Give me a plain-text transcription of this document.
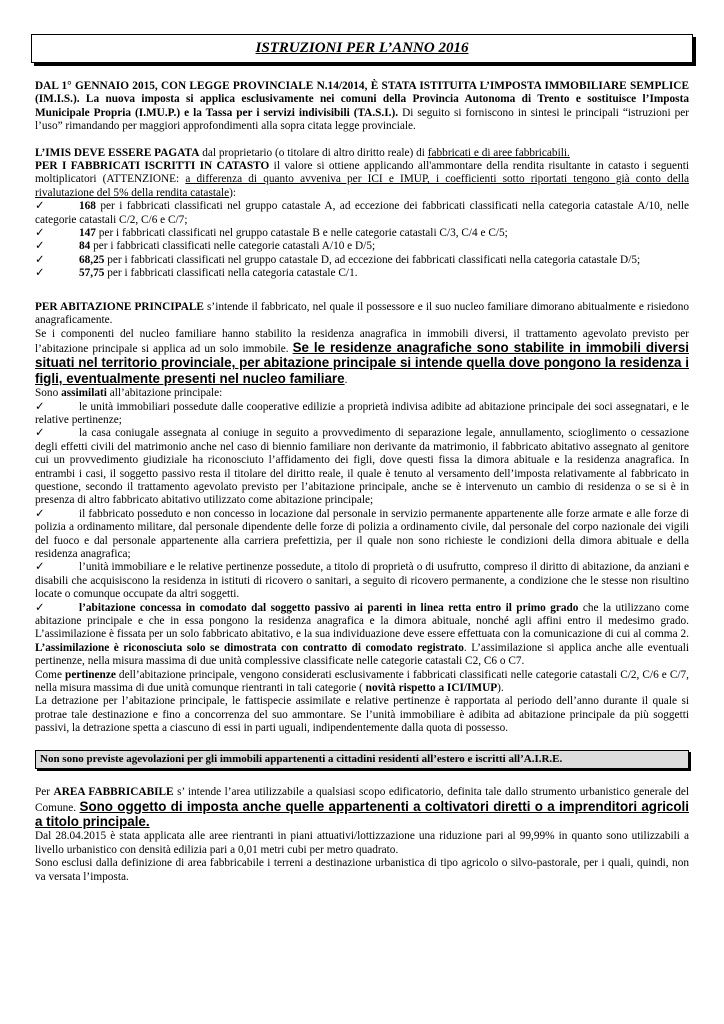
ISTRUZIONI PER L’ANNO 2016

DAL 1° GENNAIO 2015, CON LEGGE PROVINCIALE N.14/2014, È STATA ISTITUITA L’IMPOSTA IMMOBILIARE SEMPLICE (IM.I.S.). La nuova imposta si applica esclusivamente nei comuni della Provincia Autonoma di Trento e sostituisce l’Imposta Municipale Propria (I.MU.P.) e la Tassa per i servizi indivisibili (TA.S.I.). Di seguito si forniscono in sintesi le principali “istruzioni per l’uso” rimandando per maggiori approfondimenti alla sopra citata legge provinciale.

L’IMIS DEVE ESSERE PAGATA dal proprietario (o titolare di altro diritto reale) di fabbricati e di aree fabbricabili.

PER I FABBRICATI ISCRITTI IN CATASTO il valore si ottiene applicando all'ammontare della rendita risultante in catasto i seguenti moltiplicatori (ATTENZIONE: a differenza di quanto avveniva per ICI e IMUP, i coefficienti sotto riportati tengono già conto della rivalutazione del 5% della rendita catastale):

✓	168 per i fabbricati classificati nel gruppo catastale A, ad eccezione dei fabbricati classificati nella categoria catastale A/10, nelle categorie catastali C/2, C/6 e C/7;
✓	147 per i fabbricati classificati nel gruppo catastale B e nelle categorie catastali C/3, C/4 e C/5;
✓	84 per i fabbricati classificati nelle categorie catastali A/10 e D/5;
✓	68,25 per i fabbricati classificati nel gruppo catastale D, ad eccezione dei fabbricati classificati nella categoria catastale D/5;
✓	57,75 per i fabbricati classificati nella categoria catastale C/1.

PER ABITAZIONE PRINCIPALE s’intende il fabbricato, nel quale il possessore e il suo nucleo familiare dimorano abitualmente e risiedono anagraficamente.

Se i componenti del nucleo familiare hanno stabilito la residenza anagrafica in immobili diversi, il trattamento agevolato previsto per l’abitazione principale si applica ad un solo immobile. Se le residenze anagrafiche sono stabilite in immobili diversi situati nel territorio provinciale, per abitazione principale si intende quella dove pongono la residenza i figli, eventualmente presenti nel nucleo familiare.

Sono assimilati all’abitazione principale:

✓	le unità immobiliari possedute dalle cooperative edilizie a proprietà indivisa adibite ad abitazione principale dei soci assegnatari, e le relative pertinenze;
✓	la casa coniugale assegnata al coniuge in seguito a provvedimento di separazione legale, annullamento, scioglimento o cessazione degli effetti civili del matrimonio anche nel caso di biennio familiare non derivante da matrimonio, il fabbricato abitativo assegnato al genitore cui un provvedimento giudiziale ha riconosciuto l’affidamento dei figli, dove questi fissa la dimora abituale e la residenza anagrafica. In entrambi i casi, il soggetto passivo resta il titolare del diritto reale, il quale è tenuto al versamento dell’imposta relativamente al fabbricato in questione, secondo il trattamento agevolato previsto per l’abitazione principale, anche se è intervenuto un cambio di residenza o se si è in presenza di altro fabbricato abitativo utilizzato come abitazione principale;
✓	il fabbricato posseduto e non concesso in locazione dal personale in servizio permanente appartenente alle forze armate e alle forze di polizia a ordinamento militare, dal personale dipendente delle forze di polizia a ordinamento civile, dal personale del corpo nazionale dei vigili del fuoco e dal personale appartenente alla carriera prefettizia, per il quale non sono richieste le condizioni della dimora abituale e della residenza anagrafica;
✓	l’unità immobiliare e le relative pertinenze possedute, a titolo di proprietà o di usufrutto, compreso il diritto di abitazione, da anziani e disabili che acquisiscono la residenza in istituti di ricovero o sanitari, a seguito di ricovero permanente, a condizione che le stesse non risultino locate o comunque occupate da altri soggetti.
✓	l’abitazione concessa in comodato dal soggetto passivo ai parenti in linea retta entro il primo grado che la utilizzano come abitazione principale e che in essa pongono la residenza anagrafica e la dimora abituale, nonché agli affini entro il medesimo grado. L’assimilazione è fissata per un solo fabbricato abitativo, e la sua individuazione deve essere effettuata con la comunicazione di cui al comma 2. L’assimilazione è riconosciuta solo se dimostrata con contratto di comodato registrato. L’assimilazione si applica anche alle eventuali pertinenze, nella misura massima di due unità complessive classificate nelle categorie catastali C2, C6 o C7.

Come pertinenze dell’abitazione principale, vengono considerati esclusivamente i fabbricati classificati nelle categorie catastali C/2, C/6 e C/7, nella misura massima di due unità comunque rientranti in tali categorie ( novità rispetto a ICI/IMUP).

La detrazione per l’abitazione principale, le fattispecie assimilate e relative pertinenze è rapportata al periodo dell’anno durante il quale si protrae tale destinazione e fino a concorrenza del suo ammontare. Se l’unità immobiliare è adibita ad abitazione principale da più soggetti passivi, la detrazione spetta a ciascuno di essi in parti uguali, indipendentemente dalla quota di possesso.

Non sono previste agevolazioni per gli immobili appartenenti a cittadini residenti all’estero e iscritti all’A.I.R.E.

Per AREA FABBRICABILE s’ intende l’area utilizzabile a qualsiasi scopo edificatorio, definita tale dallo strumento urbanistico generale del Comune. Sono oggetto di imposta anche quelle appartenenti a coltivatori diretti o a imprenditori agricoli a titolo principale.

Dal 28.04.2015 è stata applicata alle aree rientranti in piani attuativi/lottizzazione una riduzione pari al 99,99% in quanto sono utilizzabili a livello urbanistico con densità edilizia pari a 0,01 metri cubi per metro quadrato.

Sono esclusi dalla definizione di area fabbricabile i terreni a destinazione urbanistica di tipo agricolo o silvo-pastorale, per i quali, quindi, non va versata l’imposta.
